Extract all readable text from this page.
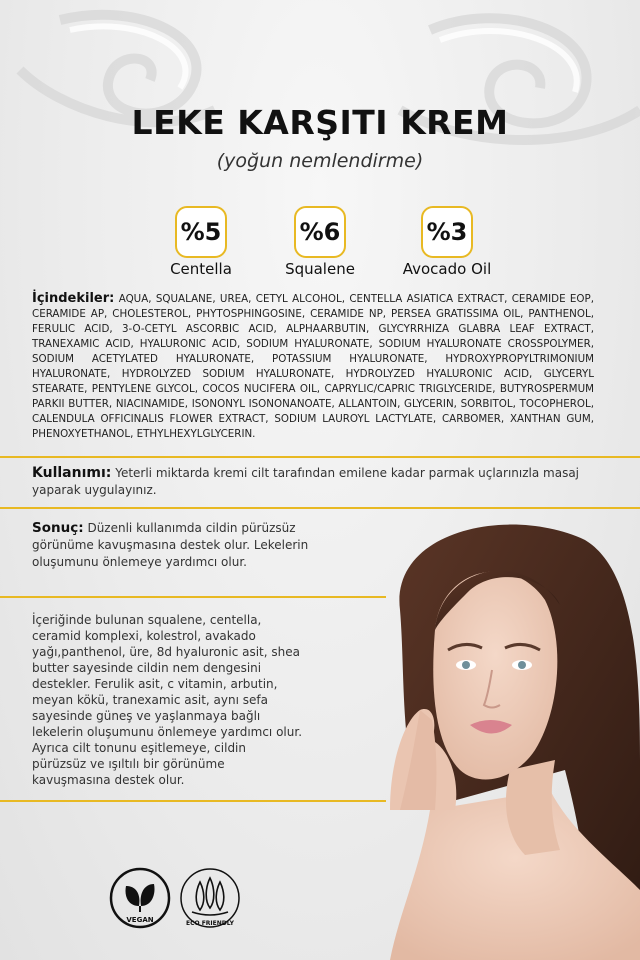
LEKE KARŞITI KREM
(yoğun nemlendirme)
%5
Centella
%6
Squalene
%3
Avocado Oil

İçindekiler: AQUA, SQUALANE, UREA, CETYL ALCOHOL, CENTELLA ASIATICA EXTRACT, CERAMIDE EOP, CERAMIDE AP, CHOLESTEROL, PHYTOSPHINGOSINE, CERAMIDE NP, PERSEA GRATISSIMA OIL, PANTHENOL, FERULIC ACID, 3-O-CETYL ASCORBIC ACID, ALPHAARBUTIN, GLYCYRRHIZA GLABRA LEAF EXTRACT, TRANEXAMIC ACID, HYALURONIC ACID, SODIUM HYALURONATE, SODIUM HYALURONATE CROSSPOLYMER, SODIUM ACETYLATED HYALURONATE, POTASSIUM HYALURONATE, HYDROXYPROPYLTRIMONIUM HYALURONATE, HYDROLYZED SODIUM HYALURONATE, HYDROLYZED HYALURONIC ACID, GLYCERYL STEARATE, PENTYLENE GLYCOL, COCOS NUCIFERA OIL, CAPRYLIC/CAPRIC TRIGLYCERIDE, BUTYROSPERMUM PARKII BUTTER, NIACINAMIDE, ISONONYL ISONONANOATE, ALLANTOIN, GLYCERIN, SORBITOL, TOCOPHEROL, CALENDULA OFFICINALIS FLOWER EXTRACT, SODIUM LAUROYL LACTYLATE, CARBOMER, XANTHAN GUM, PHENOXYETHANOL, ETHYLHEXYLGLYCERIN.

Kullanımı: Yeterli miktarda kremi cilt tarafından emilene kadar parmak uçlarınızla masaj yaparak uygulayınız.

Sonuç: Düzenli kullanımda cildin pürüzsüz görünüme kavuşmasına destek olur. Lekelerin oluşumunu önlemeye yardımcı olur.

İçeriğinde bulunan squalene, centella, ceramid komplexi, kolestrol, avakado yağı,panthenol, üre, 8d hyaluronic asit, shea butter sayesinde cildin nem dengesini destekler. Ferulik asit, c vitamin, arbutin, meyan kökü, tranexamic asit, aynı sefa sayesinde güneş ve yaşlanmaya bağlı lekelerin oluşumunu önlemeye yardımcı olur. Ayrıca cilt tonunu eşitlemeye, cildin pürüzsüz ve ışıltılı bir görünüme kavuşmasına destek olur.

VEGAN	ECO FRIENDLY
